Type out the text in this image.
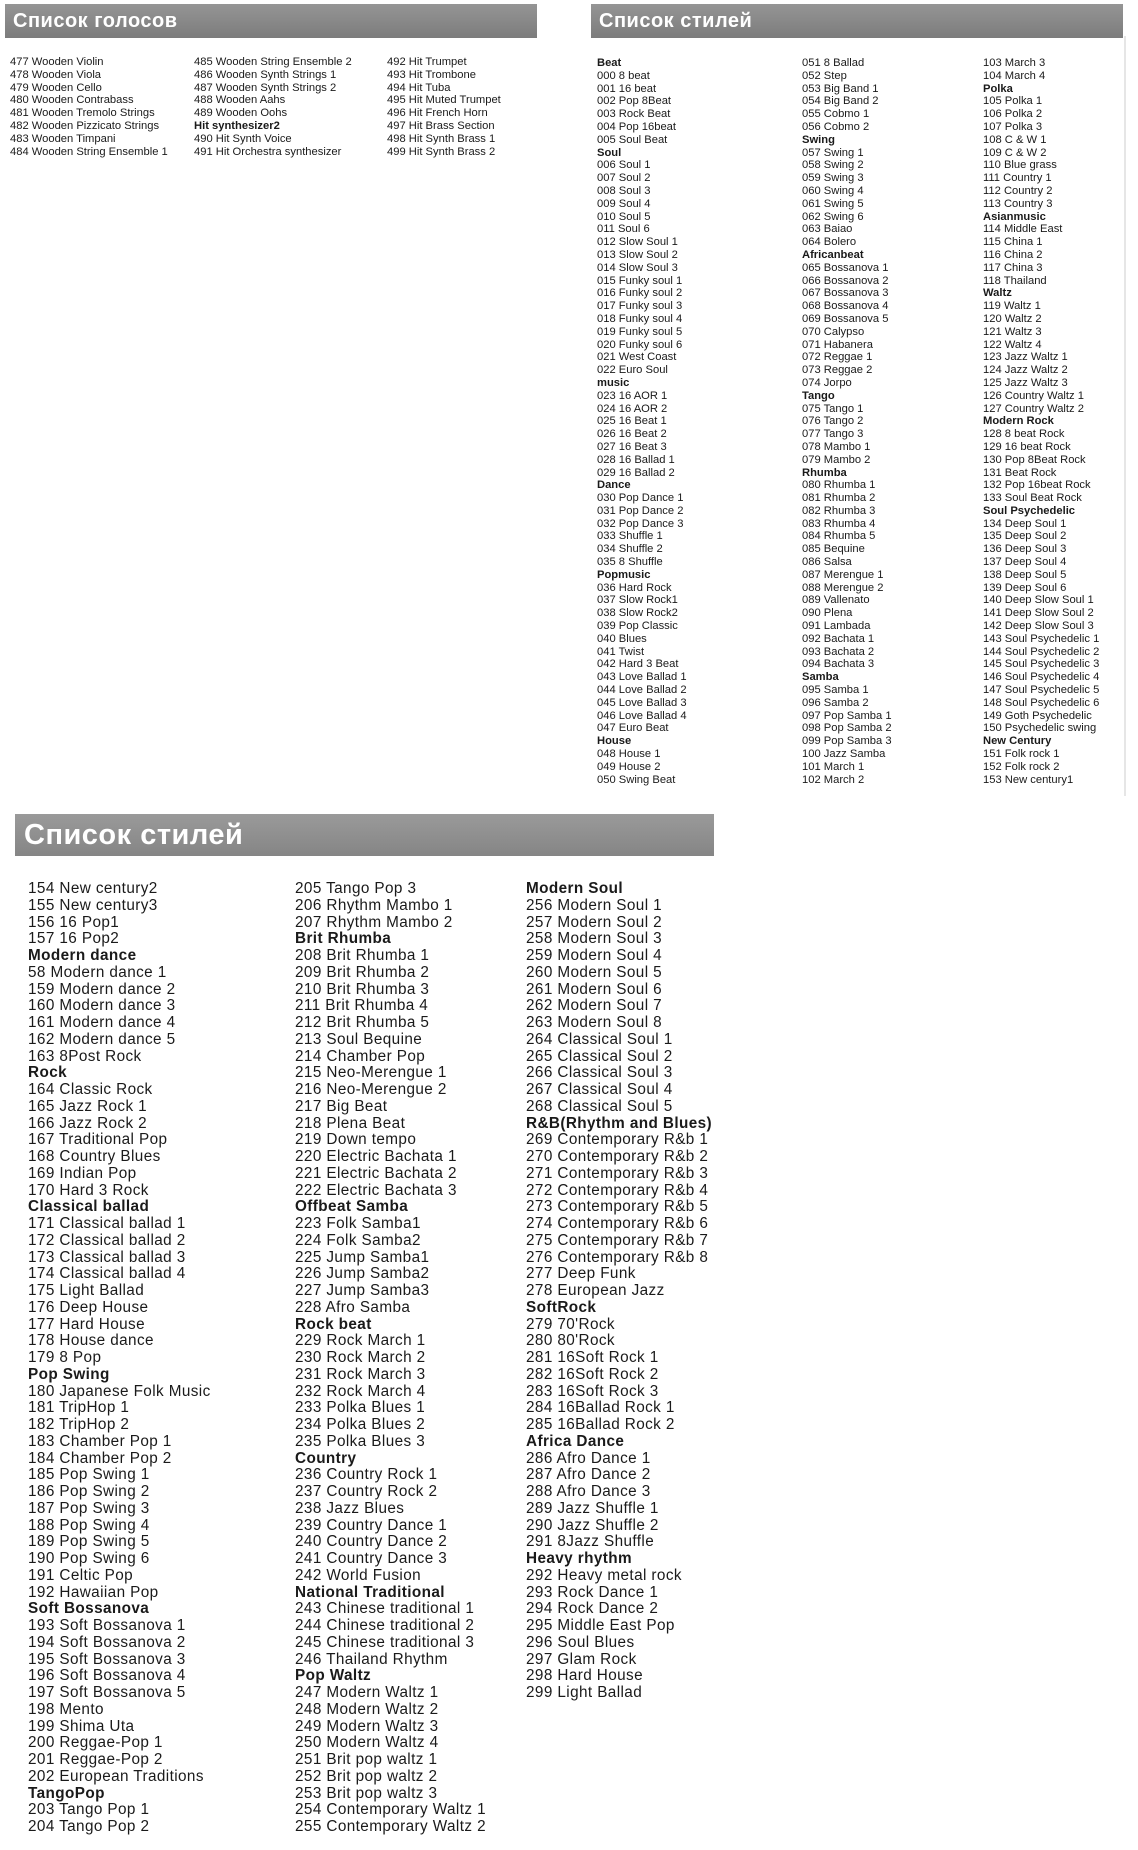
Список голосов
477 Wooden Violin
478 Wooden Viola
479 Wooden Cello
480 Wooden Contrabass
481 Wooden Tremolo Strings
482 Wooden Pizzicato Strings
483 Wooden Timpani
484 Wooden String Ensemble 1
485 Wooden String Ensemble 2
486 Wooden Synth Strings 1
487 Wooden Synth Strings 2
488 Wooden Aahs
489 Wooden Oohs
Hit synthesizer2
490 Hit Synth Voice
491 Hit Orchestra synthesizer
492 Hit Trumpet
493 Hit Trombone
494 Hit Tuba
495 Hit Muted Trumpet
496 Hit French Horn
497 Hit Brass Section
498 Hit Synth Brass 1
499 Hit Synth Brass 2
Список стилей
Beat
000 8 beat
001 16 beat
002 Pop 8Beat
003 Rock Beat
004 Pop 16beat
005 Soul Beat
Soul
006 Soul 1
007 Soul 2
008 Soul 3
009 Soul 4
010 Soul 5
011 Soul 6
012 Slow Soul 1
013 Slow Soul 2
014 Slow Soul 3
015 Funky soul 1
016 Funky soul 2
017 Funky soul 3
018 Funky soul 4
019 Funky soul 5
020 Funky soul 6
021 West Coast
022 Euro Soul
music
023 16 AOR 1
024 16 AOR 2
025 16 Beat 1
026 16 Beat 2
027 16 Beat 3
028 16 Ballad 1
029 16 Ballad 2
Dance
030 Pop Dance 1
031 Pop Dance 2
032 Pop Dance 3
033 Shuffle 1
034 Shuffle 2
035 8 Shuffle
Popmusic
036 Hard Rock
037 Slow Rock1
038 Slow Rock2
039 Pop Classic
040 Blues
041 Twist
042 Hard 3 Beat
043 Love Ballad 1
044 Love Ballad 2
045 Love Ballad 3
046 Love Ballad 4
047 Euro Beat
House
048 House 1
049 House 2
050 Swing Beat
051 8 Ballad
052 Step
053 Big Band 1
054 Big Band 2
055 Cobmo 1
056 Cobmo 2
Swing
057 Swing 1
058 Swing 2
059 Swing 3
060 Swing 4
061 Swing 5
062 Swing 6
063 Baiao
064 Bolero
Africanbeat
065 Bossanova 1
066 Bossanova 2
067 Bossanova 3
068 Bossanova 4
069 Bossanova 5
070 Calypso
071 Habanera
072 Reggae 1
073 Reggae 2
074 Jorpo
Tango
075 Tango 1
076 Tango 2
077 Tango 3
078 Mambo 1
079 Mambo 2
Rhumba
080 Rhumba 1
081 Rhumba 2
082 Rhumba 3
083 Rhumba 4
084 Rhumba 5
085 Bequine
086 Salsa
087 Merengue 1
088 Merengue 2
089 Vallenato
090 Plena
091 Lambada
092 Bachata 1
093 Bachata 2
094 Bachata 3
Samba
095 Samba 1
096 Samba 2
097 Pop Samba 1
098 Pop Samba 2
099 Pop Samba 3
100 Jazz Samba
101 March 1
102 March 2
103 March 3
104 March 4
Polka
105 Polka 1
106 Polka 2
107 Polka 3
108 C & W 1
109 C & W 2
110 Blue grass
111 Country 1
112 Country 2
113 Country 3
Asianmusic
114 Middle East
115 China 1
116 China 2
117 China 3
118 Thailand
Waltz
119 Waltz 1
120 Waltz 2
121 Waltz 3
122 Waltz 4
123 Jazz Waltz 1
124 Jazz Waltz 2
125 Jazz Waltz 3
126 Country Waltz 1
127 Country Waltz 2
Modern Rock
128 8 beat Rock
129 16 beat Rock
130 Pop 8Beat Rock
131 Beat Rock
132 Pop 16beat Rock
133 Soul Beat Rock
Soul Psychedelic
134 Deep Soul 1
135 Deep Soul 2
136 Deep Soul 3
137 Deep Soul 4
138 Deep Soul 5
139 Deep Soul 6
140 Deep Slow Soul 1
141 Deep Slow Soul 2
142 Deep Slow Soul 3
143 Soul Psychedelic 1
144 Soul Psychedelic 2
145 Soul Psychedelic 3
146 Soul Psychedelic 4
147 Soul Psychedelic 5
148 Soul Psychedelic 6
149 Goth Psychedelic
150 Psychedelic swing
New Century
151 Folk rock 1
152 Folk rock 2
153 New century1
Список стилей
154 New century2
155 New century3
156 16 Pop1
157 16 Pop2
Modern dance
58 Modern dance 1
159 Modern dance 2
160 Modern dance 3
161 Modern dance 4
162 Modern dance 5
163 8Post Rock
Rock
164 Classic Rock
165 Jazz Rock 1
166 Jazz Rock 2
167 Traditional Pop
168 Country Blues
169 Indian Pop
170 Hard 3 Rock
Classical ballad
171 Classical ballad 1
172 Classical ballad 2
173 Classical ballad 3
174 Classical ballad 4
175 Light Ballad
176 Deep House
177 Hard House
178 House dance
179 8 Pop
Pop Swing
180 Japanese Folk Music
181 TripHop 1
182 TripHop 2
183 Chamber Pop 1
184 Chamber Pop 2
185 Pop Swing 1
186 Pop Swing 2
187 Pop Swing 3
188 Pop Swing 4
189 Pop Swing 5
190 Pop Swing 6
191 Celtic Pop
192 Hawaiian Pop
Soft Bossanova
193 Soft Bossanova 1
194 Soft Bossanova 2
195 Soft Bossanova 3
196 Soft Bossanova 4
197 Soft Bossanova 5
198 Mento
199 Shima Uta
200 Reggae-Pop 1
201 Reggae-Pop 2
202 European Traditions
TangoPop
203 Tango Pop 1
204 Tango Pop 2
205 Tango Pop 3
206 Rhythm Mambo 1
207 Rhythm Mambo 2
Brit Rhumba
208 Brit Rhumba 1
209 Brit Rhumba 2
210 Brit Rhumba 3
211 Brit Rhumba 4
212 Brit Rhumba 5
213 Soul Bequine
214 Chamber Pop
215 Neo-Merengue 1
216 Neo-Merengue 2
217 Big Beat
218 Plena Beat
219 Down tempo
220 Electric Bachata 1
221 Electric Bachata 2
222 Electric Bachata 3
Offbeat Samba
223 Folk Samba1
224 Folk Samba2
225 Jump Samba1
226 Jump Samba2
227 Jump Samba3
228 Afro Samba
Rock beat
229 Rock March 1
230 Rock March 2
231 Rock March 3
232 Rock March 4
233 Polka Blues 1
234 Polka Blues 2
235 Polka Blues 3
Country
236 Country Rock 1
237 Country Rock 2
238 Jazz Blues
239 Country Dance 1
240 Country Dance 2
241 Country Dance 3
242 World Fusion
National Traditional
243 Chinese traditional 1
244 Chinese traditional 2
245 Chinese traditional 3
246 Thailand Rhythm
Pop Waltz
247 Modern Waltz 1
248 Modern Waltz 2
249 Modern Waltz 3
250 Modern Waltz 4
251 Brit pop waltz 1
252 Brit pop waltz 2
253 Brit pop waltz 3
254 Contemporary Waltz 1
255 Contemporary Waltz 2
Modern Soul
256 Modern Soul 1
257 Modern Soul 2
258 Modern Soul 3
259 Modern Soul 4
260 Modern Soul 5
261 Modern Soul 6
262 Modern Soul 7
263 Modern Soul 8
264 Classical Soul 1
265 Classical Soul 2
266 Classical Soul 3
267 Classical Soul 4
268 Classical Soul 5
R&B(Rhythm and Blues)
269 Contemporary R&b 1
270 Contemporary R&b 2
271 Contemporary R&b 3
272 Contemporary R&b 4
273 Contemporary R&b 5
274 Contemporary R&b 6
275 Contemporary R&b 7
276 Contemporary R&b 8
277 Deep Funk
278 European Jazz
SoftRock
279 70'Rock
280 80'Rock
281 16Soft Rock 1
282 16Soft Rock 2
283 16Soft Rock 3
284 16Ballad Rock 1
285 16Ballad Rock 2
Africa Dance
286 Afro Dance 1
287 Afro Dance 2
288 Afro Dance 3
289 Jazz Shuffle 1
290 Jazz Shuffle 2
291 8Jazz Shuffle
Heavy rhythm
292 Heavy metal rock
293 Rock Dance 1
294 Rock Dance 2
295 Middle East Pop
296 Soul Blues
297 Glam Rock
298 Hard House
299 Light Ballad
